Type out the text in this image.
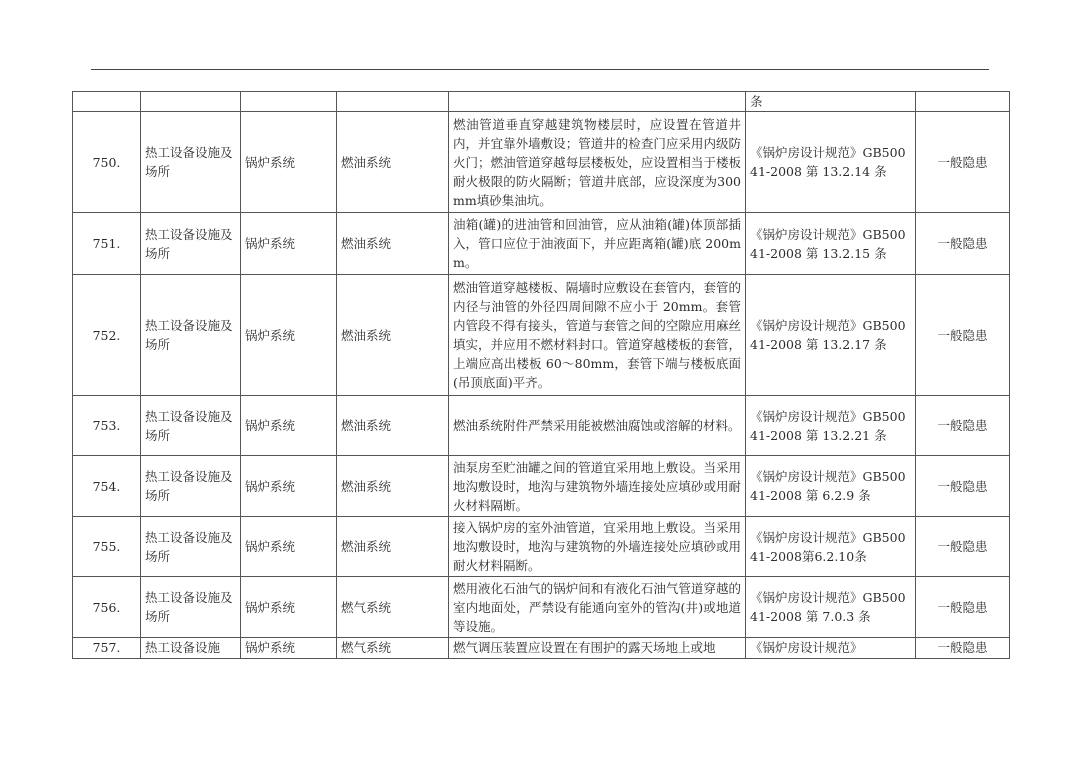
					条	
750.	热工设备设施及场所	锅炉系统	燃油系统	燃油管道垂直穿越建筑物楼层时，应设置在管道井内，并宜靠外墙敷设；管道井的检查门应采用内级防火门；燃油管道穿越每层楼板处，应设置相当于楼板耐火极限的防火隔断；管道井底部，应设深度为300mm填砂集油坑。	《锅炉房设计规范》GB50041-2008 第 13.2.14 条	一般隐患
751.	热工设备设施及场所	锅炉系统	燃油系统	油箱(罐)的进油管和回油管，应从油箱(罐)体顶部插入，管口应位于油液面下，并应距离箱(罐)底 200mm。	《锅炉房设计规范》GB50041-2008 第 13.2.15 条	一般隐患
752.	热工设备设施及场所	锅炉系统	燃油系统	燃油管道穿越楼板、隔墙时应敷设在套管内，套管的内径与油管的外径四周间隙不应小于 20mm。套管内管段不得有接头，管道与套管之间的空隙应用麻丝填实，并应用不燃材料封口。管道穿越楼板的套管，上端应高出楼板 60～80mm，套管下端与楼板底面(吊顶底面)平齐。	《锅炉房设计规范》GB50041-2008 第 13.2.17 条	一般隐患
753.	热工设备设施及场所	锅炉系统	燃油系统	燃油系统附件严禁采用能被燃油腐蚀或溶解的材料。	《锅炉房设计规范》GB50041-2008 第 13.2.21 条	一般隐患
754.	热工设备设施及场所	锅炉系统	燃油系统	油泵房至贮油罐之间的管道宜采用地上敷设。当采用地沟敷设时，地沟与建筑物外墙连接处应填砂或用耐火材料隔断。	《锅炉房设计规范》GB50041-2008 第 6.2.9 条	一般隐患
755.	热工设备设施及场所	锅炉系统	燃油系统	接入锅炉房的室外油管道，宜采用地上敷设。当采用地沟敷设时，地沟与建筑物的外墙连接处应填砂或用耐火材料隔断。	《锅炉房设计规范》GB50041-2008第6.2.10条	一般隐患
756.	热工设备设施及场所	锅炉系统	燃气系统	燃用液化石油气的锅炉间和有液化石油气管道穿越的室内地面处，严禁设有能通向室外的管沟(井)或地道等设施。	《锅炉房设计规范》GB50041-2008 第 7.0.3 条	一般隐患
757.	热工设备设施	锅炉系统	燃气系统	燃气调压装置应设置在有围护的露天场地上或地	《锅炉房设计规范》	一般隐患
